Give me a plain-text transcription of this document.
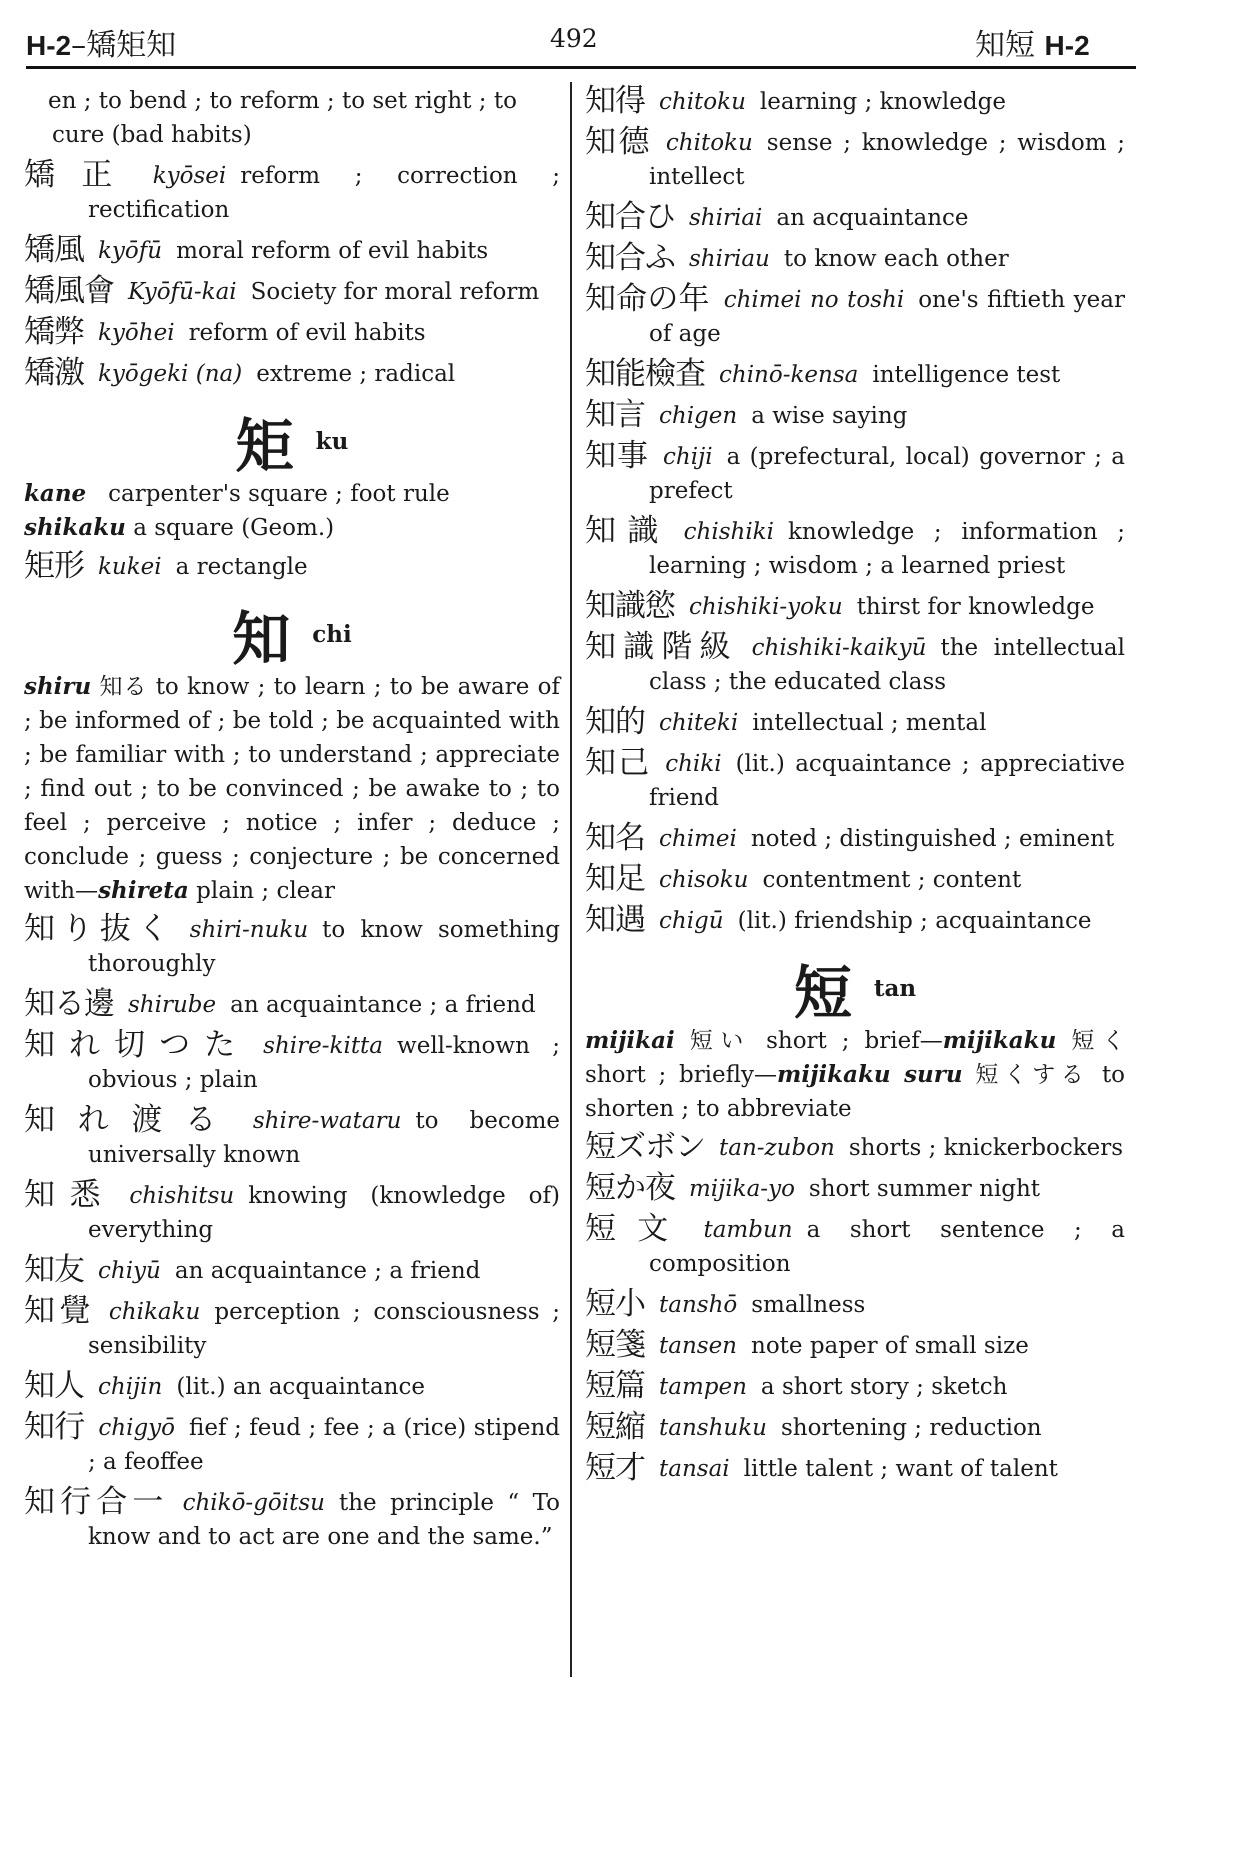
H-2–矯矩知	492	知短 H-2
en ; to bend ; to reform ; to set right ; to cure (bad habits)
矯正 kyōsei reform ; correction ; rectification
矯風 kyōfū moral reform of evil habits
矯風會 Kyōfū-kai Society for moral reform
矯弊 kyōhei reform of evil habits
矯激 kyōgeki (na) extreme ; radical
矩ku
kane carpenter's square ; foot rule
shikaku a square (Geom.)
矩形 kukei a rectangle
知chi
shiru 知る to know ; to learn ; to be aware of ; be informed of ; be told ; be acquainted with ; be familiar with ; to understand ; appreciate ; find out ; to be convinced ; be awake to ; to feel ; perceive ; notice ; infer ; deduce ; conclude ; guess ; conjecture ; be concerned with—shireta plain ; clear
知り抜く shiri-nuku to know something thoroughly
知る邊 shirube an acquaintance ; a friend
知れ切つた shire-kitta well-known ; obvious ; plain
知れ渡る shire-wataru to become universally known
知悉 chishitsu knowing (knowledge of) everything
知友 chiyū an acquaintance ; a friend
知覺 chikaku perception ; consciousness ; sensibility
知人 chijin (lit.) an acquaintance
知行 chigyō fief ; feud ; fee ; a (rice) stipend ; a feoffee
知行合一 chikō-gōitsu the principle “ To know and to act are one and the same.”
知得 chitoku learning ; knowledge
知德 chitoku sense ; knowledge ; wisdom ; intellect
知合ひ shiriai an acquaintance
知合ふ shiriau to know each other
知命の年 chimei no toshi one's fiftieth year of age
知能檢査 chinō-kensa intelligence test
知言 chigen a wise saying
知事 chiji a (prefectural, local) governor ; a prefect
知識 chishiki knowledge ; information ; learning ; wisdom ; a learned priest
知識慾 chishiki-yoku thirst for knowledge
知識階級 chishiki-kaikyū the intellectual class ; the educated class
知的 chiteki intellectual ; mental
知己 chiki (lit.) acquaintance ; appreciative friend
知名 chimei noted ; distinguished ; eminent
知足 chisoku contentment ; content
知遇 chigū (lit.) friendship ; acquaintance
短tan
mijikai 短い short ; brief—mijikaku 短く short ; briefly—mijikaku suru 短くする to shorten ; to abbreviate
短ズボン tan-zubon shorts ; knickerbockers
短か夜 mijika-yo short summer night
短文 tambun a short sentence ; a composition
短小 tanshō smallness
短箋 tansen note paper of small size
短篇 tampen a short story ; sketch
短縮 tanshuku shortening ; reduction
短才 tansai little talent ; want of talent
